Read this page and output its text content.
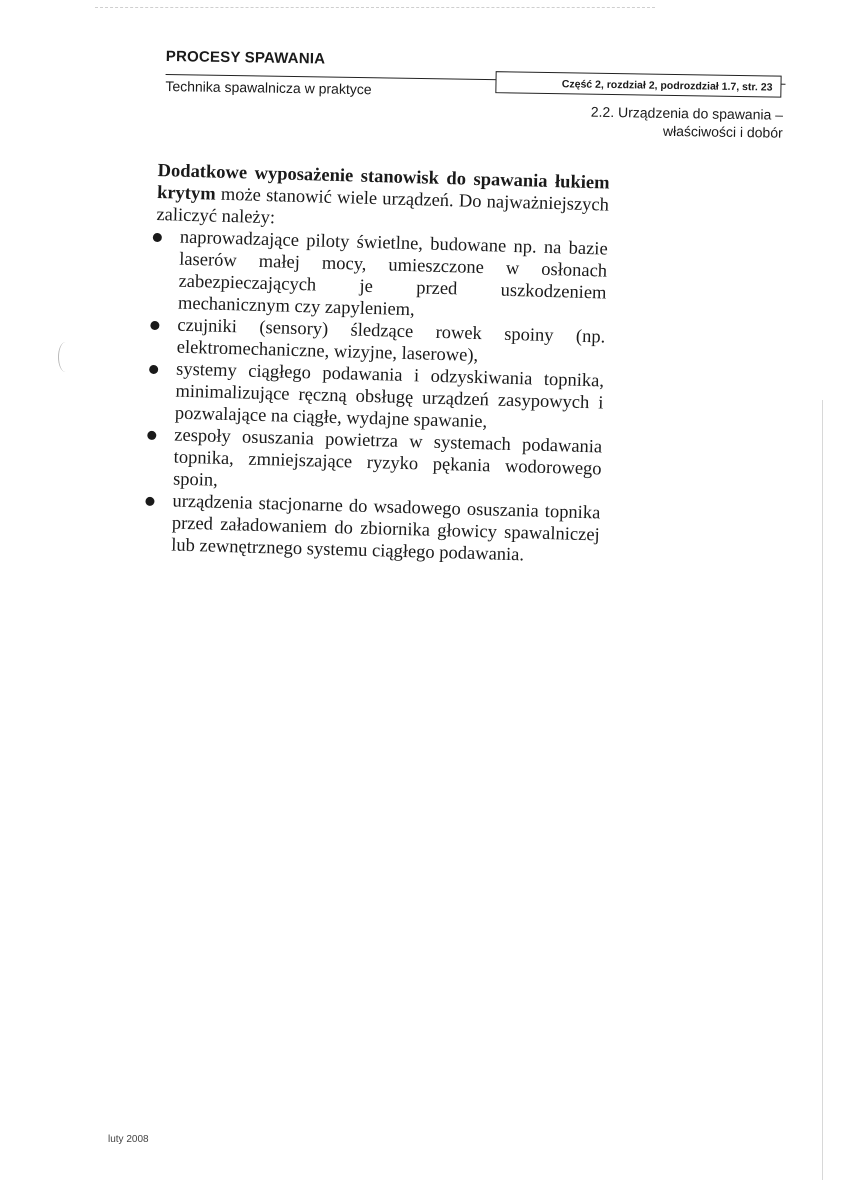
PROCESY SPAWANIA
Technika spawalnicza w praktyce	Część 2, rozdział 2, podrozdział 1.7, str. 23
2.2. Urządzenia do spawania –
właściwości i dobór

Dodatkowe wyposażenie stanowisk do spawania łukiem krytym może stanowić wiele urządzeń. Do najważniejszych zaliczyć należy:

naprowadzające piloty świetlne, budowane np. na bazie laserów małej mocy, umieszczone w osłonach zabezpieczających je przed uszkodzeniem mechanicznym czy zapyleniem,
czujniki (sensory) śledzące rowek spoiny (np. elektromechaniczne, wizyjne, laserowe),
systemy ciągłego podawania i odzyskiwania topnika, minimalizujące ręczną obsługę urządzeń zasypowych i pozwalające na ciągłe, wydajne spawanie,
zespoły osuszania powietrza w systemach podawania topnika, zmniejszające ryzyko pękania wodorowego spoin,
urządzenia stacjonarne do wsadowego osuszania topnika przed załadowaniem do zbiornika głowicy spawalniczej lub zewnętrznego systemu ciągłego podawania.
luty 2008
